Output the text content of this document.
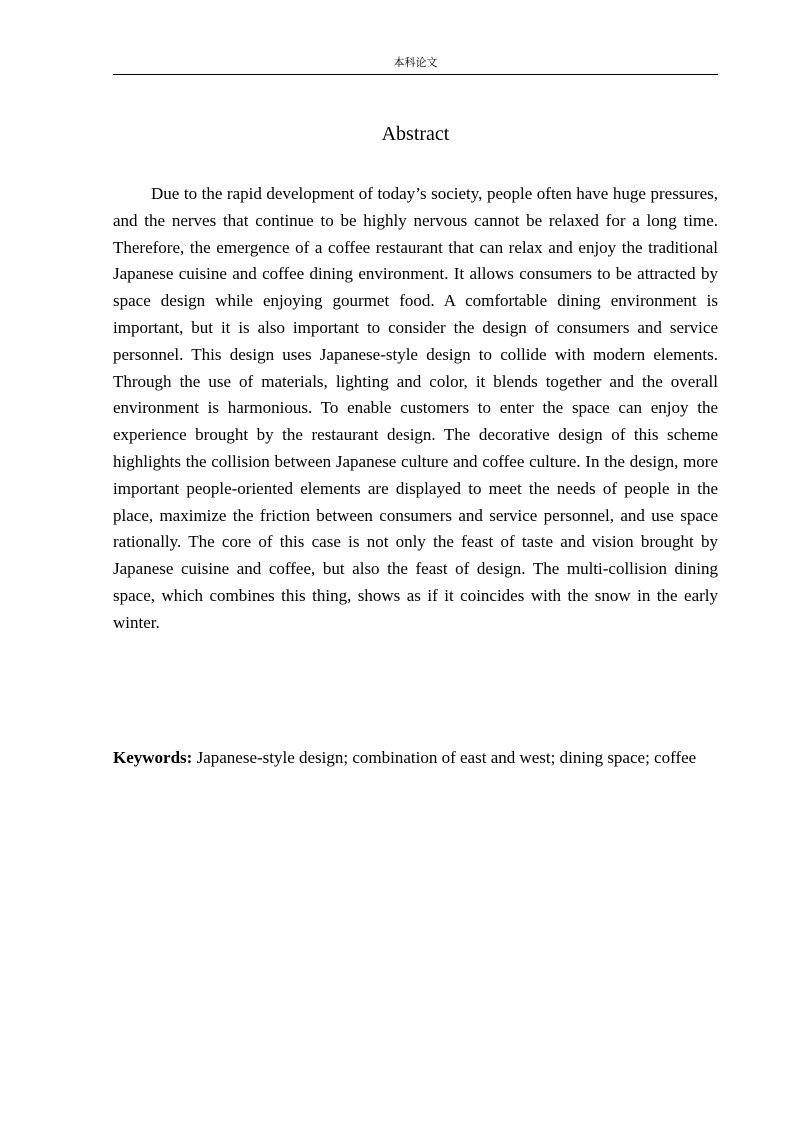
本科论文
Abstract

Due to the rapid development of today’s society, people often have huge pressures, and the nerves that continue to be highly nervous cannot be relaxed for a long time. Therefore, the emergence of a coffee restaurant that can relax and enjoy the traditional Japanese cuisine and coffee dining environment. It allows consumers to be attracted by space design while enjoying gourmet food. A comfortable dining environment is important, but it is also important to consider the design of consumers and service personnel. This design uses Japanese-style design to collide with modern elements. Through the use of materials, lighting and color, it blends together and the overall environment is harmonious. To enable customers to enter the space can enjoy the experience brought by the restaurant design. The decorative design of this scheme highlights the collision between Japanese culture and coffee culture. In the design, more important people-oriented elements are displayed to meet the needs of people in the place, maximize the friction between consumers and service personnel, and use space rationally. The core of this case is not only the feast of taste and vision brought by Japanese cuisine and coffee, but also the feast of design. The multi-collision dining space, which combines this thing, shows as if it coincides with the snow in the early winter.

Keywords: Japanese-style design; combination of east and west; dining space; coffee
